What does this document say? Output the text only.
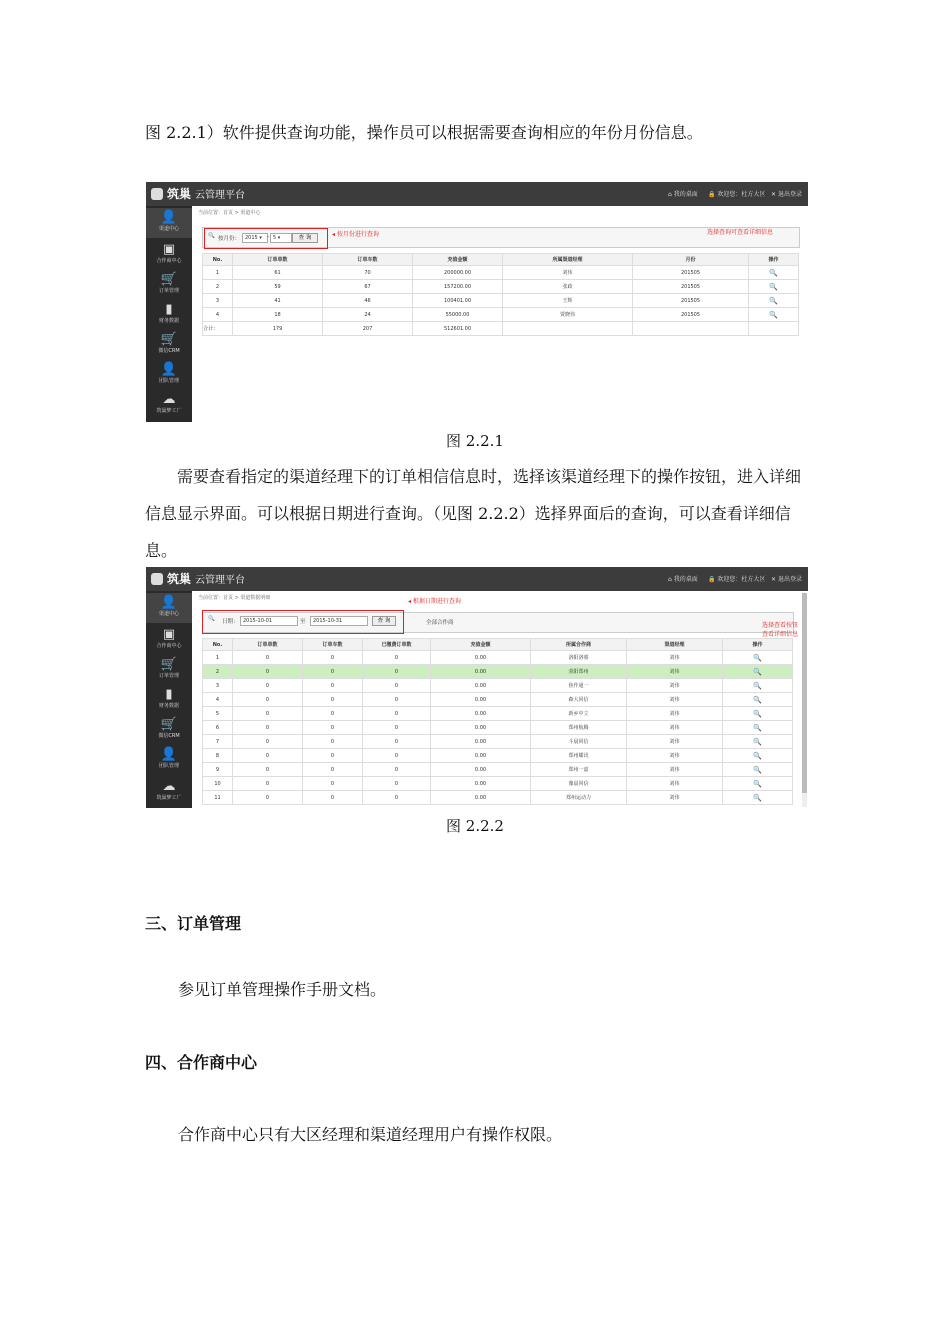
图 2.2.1）软件提供查询功能，操作员可以根据需要查询相应的年份月份信息。

筑巢 云管理平台	⌂ 我的桌面 🔒 欢迎您：杜方大区 ✕ 退出登录
👤
渠道中心
▣
合作商中心
🛒
订单管理
▮
财务数据
🛒
微信CRM
👤
团队管理
☁
筑巢梦工厂
当前位置：首页 > 渠道中心
🔍 按月份： 2015 ▾ - 5 ▾	查 询	◂ 按月份进行查询	选择查询可查看详细信息
No.	订单单数	订单车数	充值金额	所属渠道经理	月份	操作
1	61	70	200000.00	刘伟	201505	🔍
2	59	67	157200.00	张政	201505	🔍
3	41	46	100401.00	王辉	201505	🔍
4	18	24	55000.00	贾晓伟	201505	🔍
合计：	179	207	512601.00			
图 2.2.1

需要查看指定的渠道经理下的订单相信信息时，选择该渠道经理下的操作按钮，进入详细信息显示界面。可以根据日期进行查询。（见图 2.2.2）选择界面后的查询，可以查看详细信息。

筑巢 云管理平台	⌂ 我的桌面 🔒 欢迎您：杜方大区 ✕ 退出登录
👤
渠道中心
▣
合作商中心
🛒
订单管理
▮
财务数据
🛒
微信CRM
👤
团队管理
☁
筑巢梦工厂
当前位置：首页 > 渠道数据明细
🔍 日期： 2015-10-01	至	2015-10-31	查 询	全部合作商
◂ 根据日期进行查询
选择查看按钮
查看详细信息
No.	订单单数	订单车数	已缴费订单数	充值金额	所属合作商	渠道经理	操作
1	0	0	0	0.00	洛阳洛睿	刘伟	🔍
2	0	0	0	0.00	荥阳郑州	刘伟	🔍
3	0	0	0	0.00	焦作通一	刘伟	🔍
4	0	0	0	0.00	森大同信	刘伟	🔍
5	0	0	0	0.00	新乡中立	刘伟	🔍
6	0	0	0	0.00	郑州航腾	刘伟	🔍
7	0	0	0	0.00	斗晨同信	刘伟	🔍
8	0	0	0	0.00	郑州耀讯	刘伟	🔍
9	0	0	0	0.00	郑州一嘉	刘伟	🔍
10	0	0	0	0.00	豫晨同信	刘伟	🔍
11	0	0	0	0.00	郑州运动力	刘伟	🔍
图 2.2.2
三、订单管理

参见订单管理操作手册文档。

四、合作商中心

合作商中心只有大区经理和渠道经理用户有操作权限。
